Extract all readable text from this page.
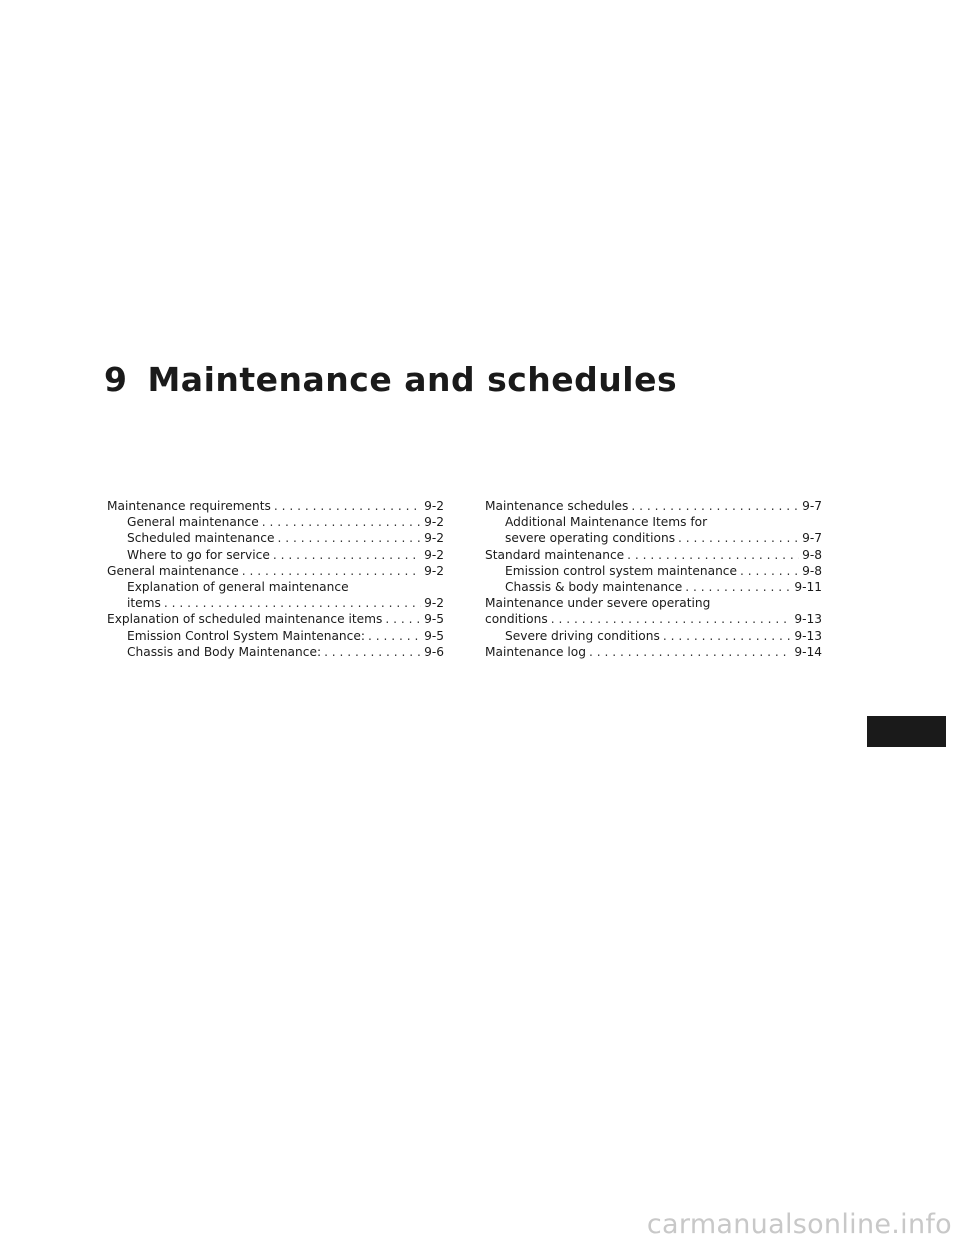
9 Maintenance and schedules
Maintenance requirements . . .	9-2
General maintenance . . .	9-2
Scheduled maintenance . . .	9-2
Where to go for service . . .	9-2
General maintenance . . .	9-2
Explanation of general maintenance
items . . .	9-2
Explanation of scheduled maintenance items . . .	9-5
Emission Control System Maintenance: . . .	9-5
Chassis and Body Maintenance: . . .	9-6
Maintenance schedules . . .	9-7
Additional Maintenance Items for
severe operating conditions . . .	9-7
Standard maintenance . . .	9-8
Emission control system maintenance . . .	9-8
Chassis & body maintenance . . .	9-11
Maintenance under severe operating
conditions . . .	9-13
Severe driving conditions . . .	9-13
Maintenance log . . .	9-14
carmanualsonline.info
